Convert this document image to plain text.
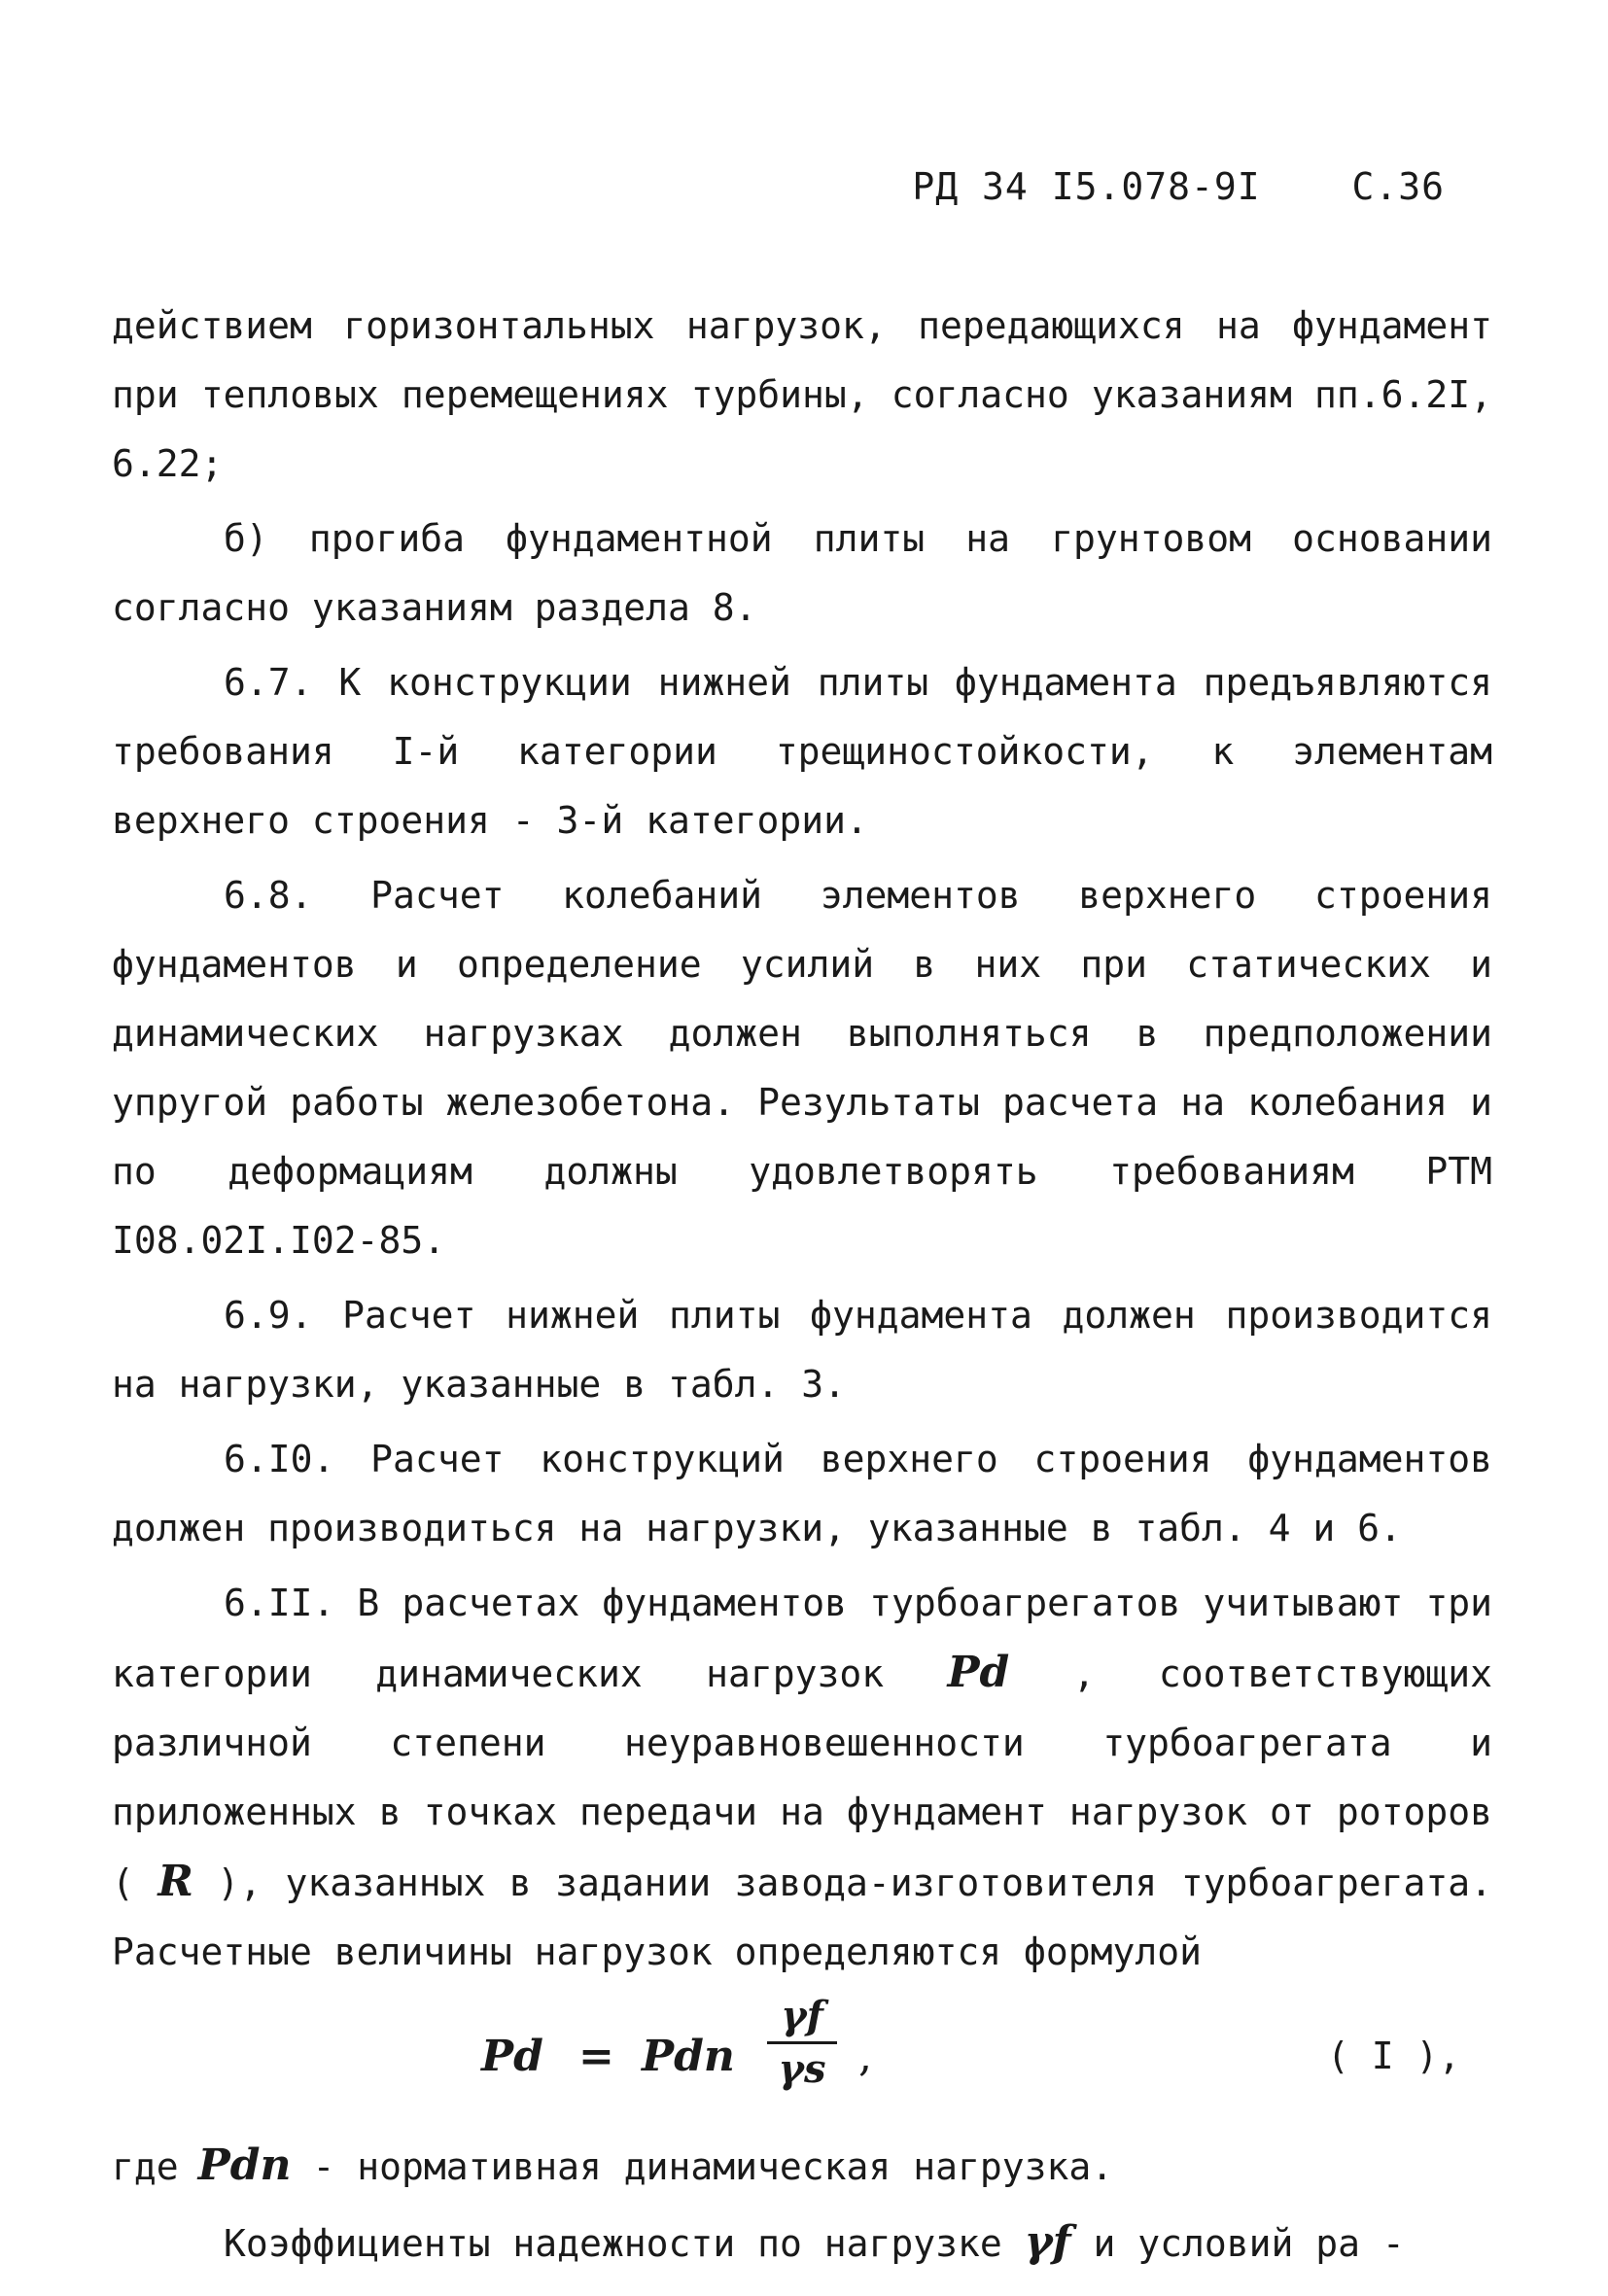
РД 34 I5.078-9I С.36

действием горизонтальных нагрузок, передающихся на фундамент при тепловых перемещениях турбины, согласно указаниям пп.6.2I, 6.22;

б) прогиба фундаментной плиты на грунтовом основании согласно указаниям раздела 8.

6.7. К конструкции нижней плиты фундамента предъявляются требования I-й категории трещиностойкости, к элементам верхнего строения - 3-й категории.

6.8. Расчет колебаний элементов верхнего строения фундаментов и определение усилий в них при статических и динамических нагрузках должен выполняться в предположении упругой работы железобетона. Результаты расчета на колебания и по деформациям должны удовлетворять требованиям РТМ I08.02I.I02-85.

6.9. Расчет нижней плиты фундамента должен производится на нагрузки, указанные в табл. 3.

6.I0. Расчет конструкций верхнего строения фундаментов должен производиться на нагрузки, указанные в табл. 4 и 6.

6.II. В расчетах фундаментов турбоагрегатов учитывают три категории динамических нагрузок Pd , соответствующих различной степени неуравновешенности турбоагрегата и приложенных в точках передачи на фундамент нагрузок от роторов ( R ), указанных в задании завода-изготовителя турбоагрегата. Расчетные величины нагрузок определяются формулой

Pd = Pdn
γf
γs ,	( I ),

где Pdn - нормативная динамическая нагрузка.

Коэффициенты надежности по нагрузке γf и условий ра -
